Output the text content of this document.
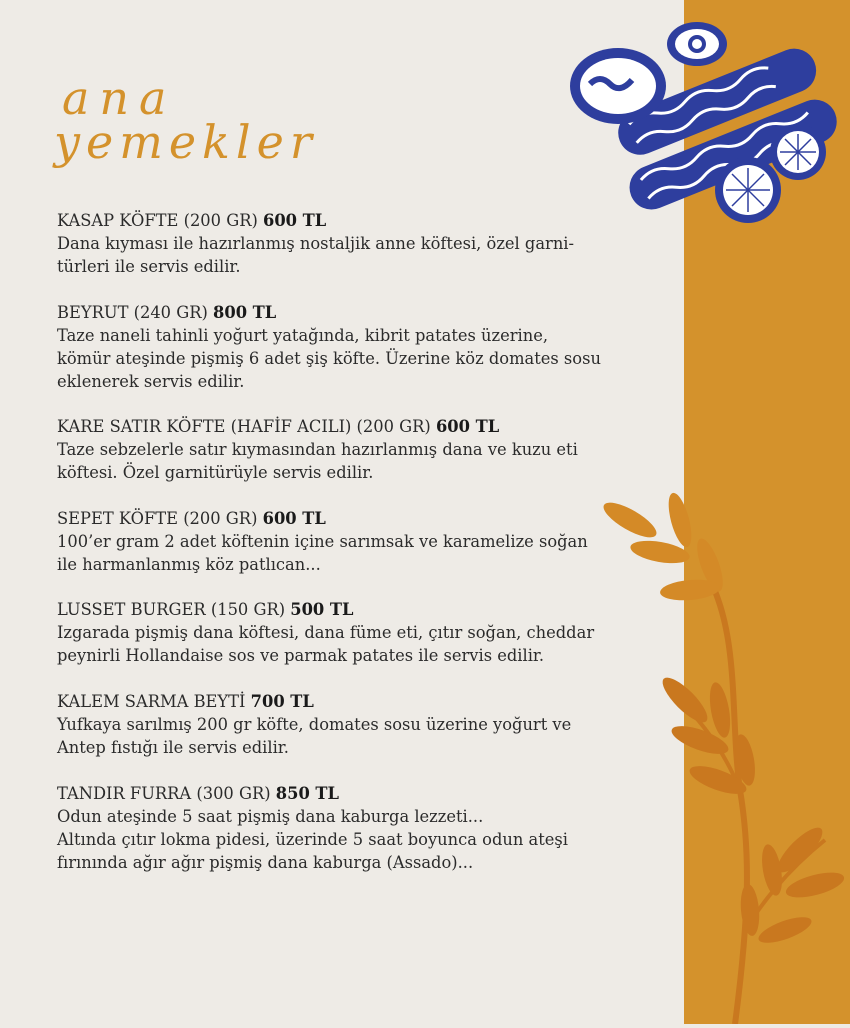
ana
yemekler
KASAP KÖFTE (200 GR) 600 TL
Dana kıyması ile hazırlanmış nostaljik anne köftesi, özel garni-
türleri ile servis edilir.
BEYRUT (240 GR) 800 TL
Taze naneli tahinli yoğurt yatağında, kibrit patates üzerine,
kömür ateşinde pişmiş 6 adet şiş köfte. Üzerine köz domates sosu
eklenerek servis edilir.
KARE SATIR KÖFTE (HAFİF ACILI) (200 GR) 600 TL
Taze sebzelerle satır kıymasından hazırlanmış dana ve kuzu eti
köftesi. Özel garnitürüyle servis edilir.
SEPET KÖFTE (200 GR) 600 TL
100’er gram 2 adet köftenin içine sarımsak ve karamelize soğan
ile harmanlanmış köz patlıcan...
LUSSET BURGER (150 GR) 500 TL
Izgarada pişmiş dana köftesi, dana füme eti, çıtır soğan, cheddar
peynirli Hollandaise sos ve parmak patates ile servis edilir.
KALEM SARMA BEYTİ 700 TL
Yufkaya sarılmış 200 gr köfte, domates sosu üzerine yoğurt ve
Antep fıstığı ile servis edilir.
TANDIR FURRA (300 GR) 850 TL
Odun ateşinde 5 saat pişmiş dana kaburga lezzeti...
Altında çıtır lokma pidesi, üzerinde 5 saat boyunca odun ateşi
fırınında ağır ağır pişmiş dana kaburga (Assado)...
